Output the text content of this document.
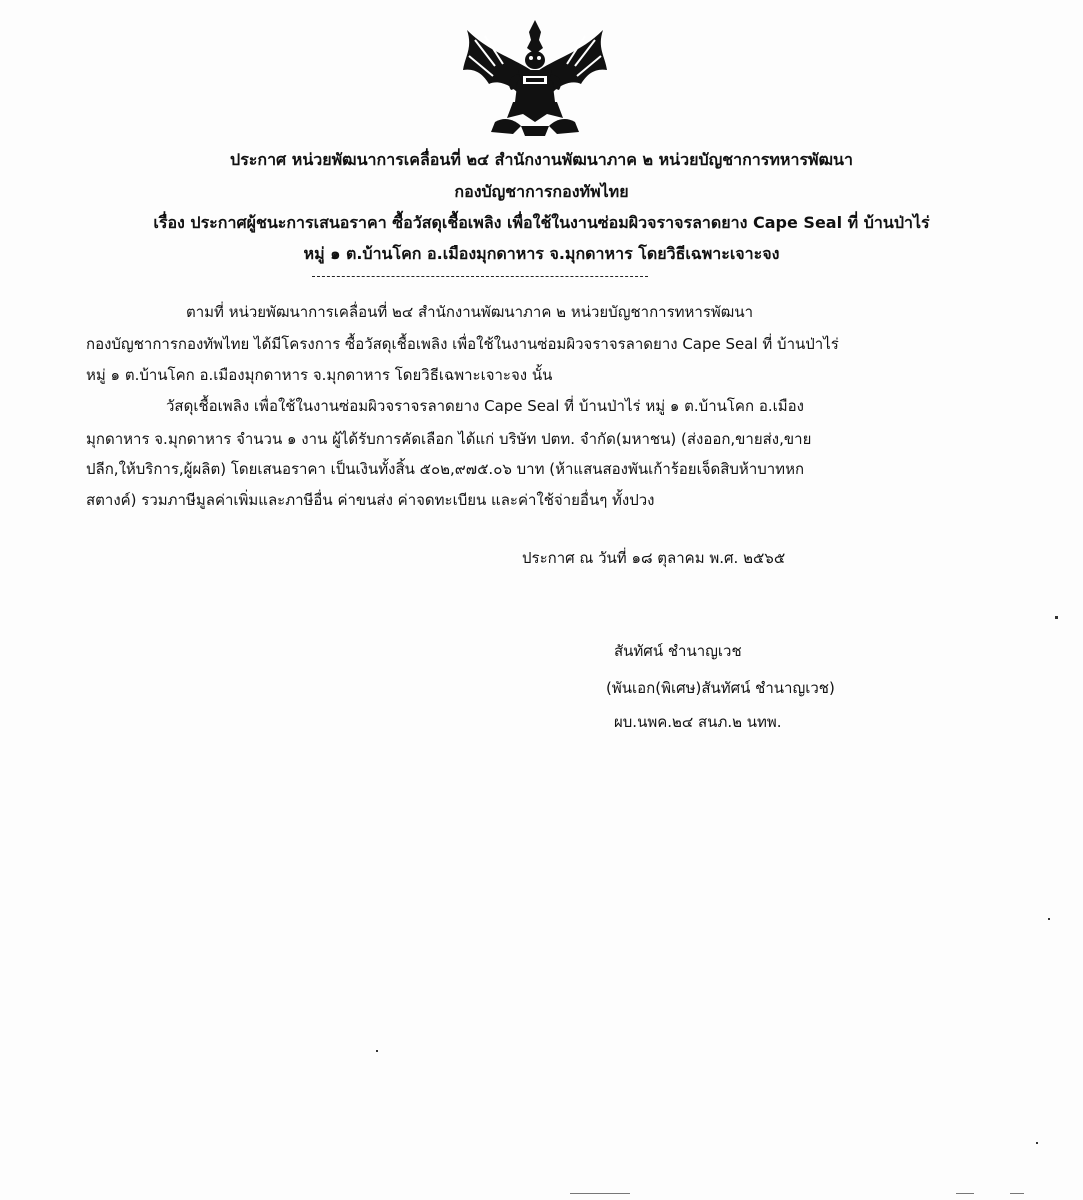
ประกาศ หน่วยพัฒนาการเคลื่อนที่ ๒๔ สำนักงานพัฒนาภาค ๒ หน่วยบัญชาการทหารพัฒนา
กองบัญชาการกองทัพไทย
เรื่อง ประกาศผู้ชนะการเสนอราคา ซื้อวัสดุเชื้อเพลิง เพื่อใช้ในงานซ่อมผิวจราจรลาดยาง Cape Seal ที่ บ้านป่าไร่
หมู่ ๑ ต.บ้านโคก อ.เมืองมุกดาหาร จ.มุกดาหาร โดยวิธีเฉพาะเจาะจง
ตามที่ หน่วยพัฒนาการเคลื่อนที่ ๒๔ สำนักงานพัฒนาภาค ๒ หน่วยบัญชาการทหารพัฒนา
กองบัญชาการกองทัพไทย ได้มีโครงการ ซื้อวัสดุเชื้อเพลิง เพื่อใช้ในงานซ่อมผิวจราจรลาดยาง Cape Seal ที่ บ้านป่าไร่
หมู่ ๑ ต.บ้านโคก อ.เมืองมุกดาหาร จ.มุกดาหาร โดยวิธีเฉพาะเจาะจง นั้น
วัสดุเชื้อเพลิง เพื่อใช้ในงานซ่อมผิวจราจรลาดยาง Cape Seal ที่ บ้านป่าไร่ หมู่ ๑ ต.บ้านโคก อ.เมือง
มุกดาหาร จ.มุกดาหาร จำนวน ๑ งาน ผู้ได้รับการคัดเลือก ได้แก่ บริษัท ปตท. จำกัด(มหาชน) (ส่งออก,ขายส่ง,ขาย
ปลีก,ให้บริการ,ผู้ผลิต) โดยเสนอราคา เป็นเงินทั้งสิ้น ๕๐๒,๙๗๕.๐๖ บาท (ห้าแสนสองพันเก้าร้อยเจ็ดสิบห้าบาทหก
สตางค์) รวมภาษีมูลค่าเพิ่มและภาษีอื่น ค่าขนส่ง ค่าจดทะเบียน และค่าใช้จ่ายอื่นๆ ทั้งปวง
ประกาศ ณ วันที่ ๑๘ ตุลาคม พ.ศ. ๒๕๖๕
สันทัศน์ ชำนาญเวช
(พันเอก(พิเศษ)สันทัศน์ ชำนาญเวช)
ผบ.นพค.๒๔ สนภ.๒ นทพ.
